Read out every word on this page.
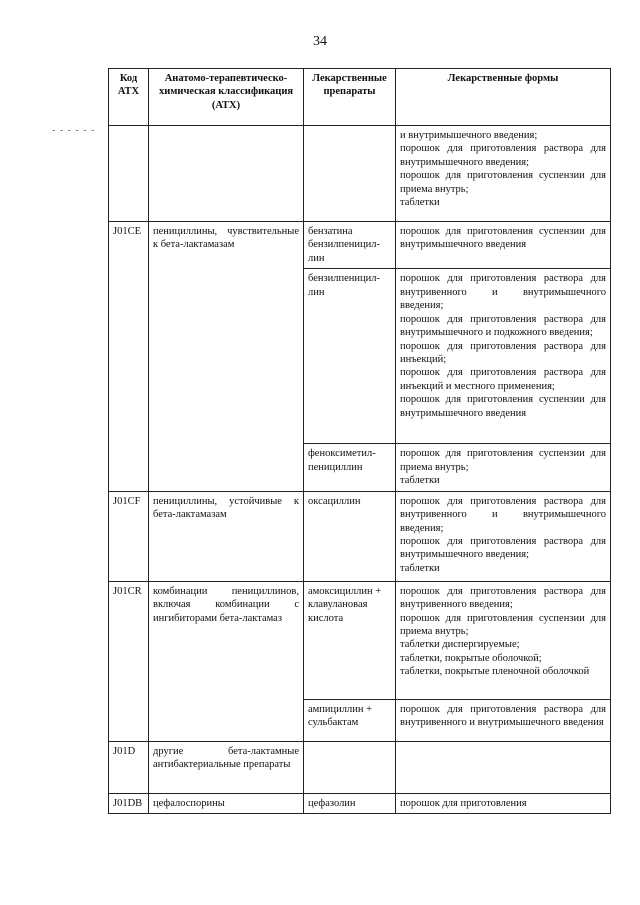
34
- - - - - -
Код АТХ	Анатомо-терапевтическо-химическая классификация (АТХ)	Лекарственные препараты	Лекарственные формы

			и внутримышечного введения;
порошок для приготовления раствора для внутримышечного введения;
порошок для приготовления суспензии для приема внутрь;
таблетки

J01CE	пенициллины, чувствительные к бета-лактамазам	бензатина бензилпеницил-лин	порошок для приготовления суспензии для внутримышечного введения

		бензилпеницил-лин	порошок для приготовления раствора для внутривенного и внутримышечного введения;
порошок для приготовления раствора для внутримышечного и подкожного введения;
порошок для приготовления раствора для инъекций;
порошок для приготовления раствора для инъекций и местного применения;
порошок для приготовления суспензии для внутримышечного введения

		феноксиметил-пенициллин	порошок для приготовления суспензии для приема внутрь;
таблетки

J01CF	пенициллины, устойчивые к бета-лактамазам	оксациллин	порошок для приготовления раствора для внутривенного и внутримышечного введения;
порошок для приготовления раствора для внутримышечного введения;
таблетки

J01CR	комбинации пенициллинов, включая комбинации с ингибиторами бета-лактамаз	амоксициллин + клавулановая кислота	порошок для приготовления раствора для внутривенного введения;
порошок для приготовления суспензии для приема внутрь;
таблетки диспергируемые;
таблетки, покрытые оболочкой;
таблетки, покрытые пленочной оболочкой

		ампициллин + сульбактам	порошок для приготовления раствора для внутривенного и внутримышечного введения

J01D	другие бета-лактамные антибактериальные препараты		
J01DB	цефалоспорины	цефазолин	порошок для приготовления
